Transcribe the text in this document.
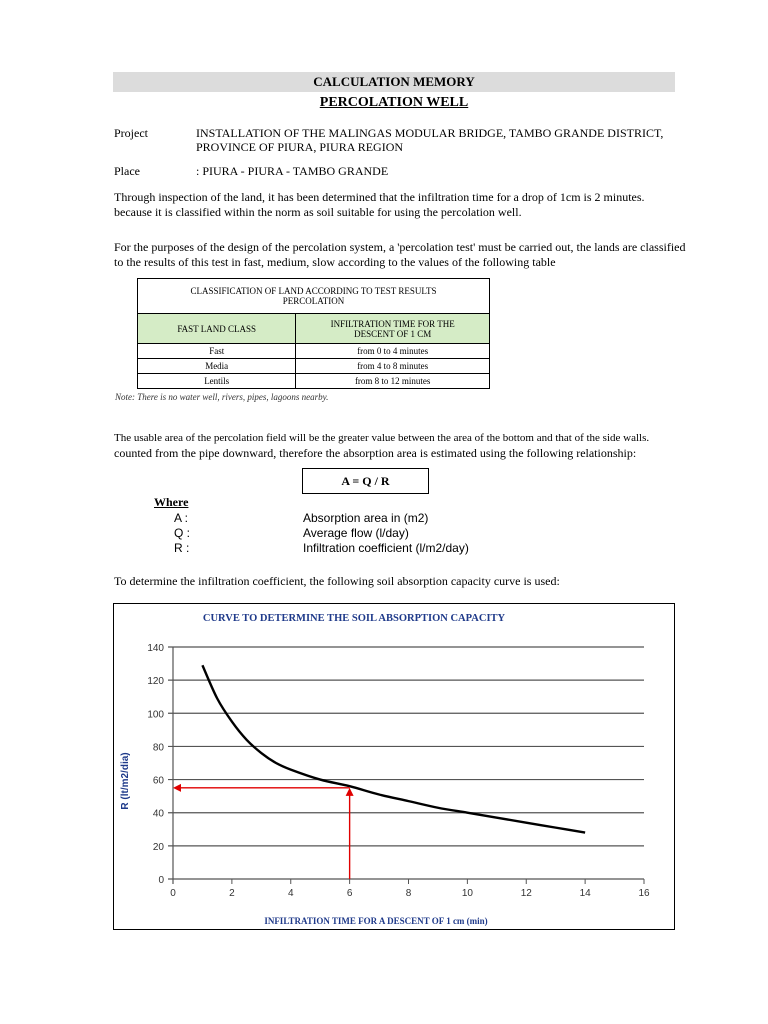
CALCULATION MEMORY
PERCOLATION WELL
Project	INSTALLATION OF THE MALINGAS MODULAR BRIDGE, TAMBO GRANDE DISTRICT,
PROVINCE OF PIURA, PIURA REGION
Place	: PIURA - PIURA - TAMBO GRANDE
Through inspection of the land, it has been determined that the infiltration time for a drop of 1cm is 2 minutes.
because it is classified within the norm as soil suitable for using the percolation well.
For the purposes of the design of the percolation system, a 'percolation test' must be carried out, the lands are classified
to the results of this test in fast, medium, slow according to the values of the following table
CLASSIFICATION OF LAND ACCORDING TO TEST RESULTS
PERCOLATION	
FAST LAND CLASS	INFILTRATION TIME FOR THE
DESCENT OF 1 CM
Fast	from 0 to 4 minutes
Media	from 4 to 8 minutes
Lentils	from 8 to 12 minutes
Note: There is no water well, rivers, pipes, lagoons nearby.
The usable area of the percolation field will be the greater value between the area of the bottom and that of the side walls.
counted from the pipe downward, therefore the absorption area is estimated using the following relationship:
A = Q / R
Where
A :	Absorption area in (m2)
Q :	Average flow (l/day)
R :	Infiltration coefficient (l/m2/day)
To determine the infiltration coefficient, the following soil absorption capacity curve is used:
CURVE TO DETERMINE THE SOIL ABSORPTION CAPACITY
INFILTRATION TIME FOR A DESCENT OF 1 cm (min)
R (lt/m2/dia)
0
20
40
60
80
100
120
140
0	2	4	6	8	10	12	14	16
